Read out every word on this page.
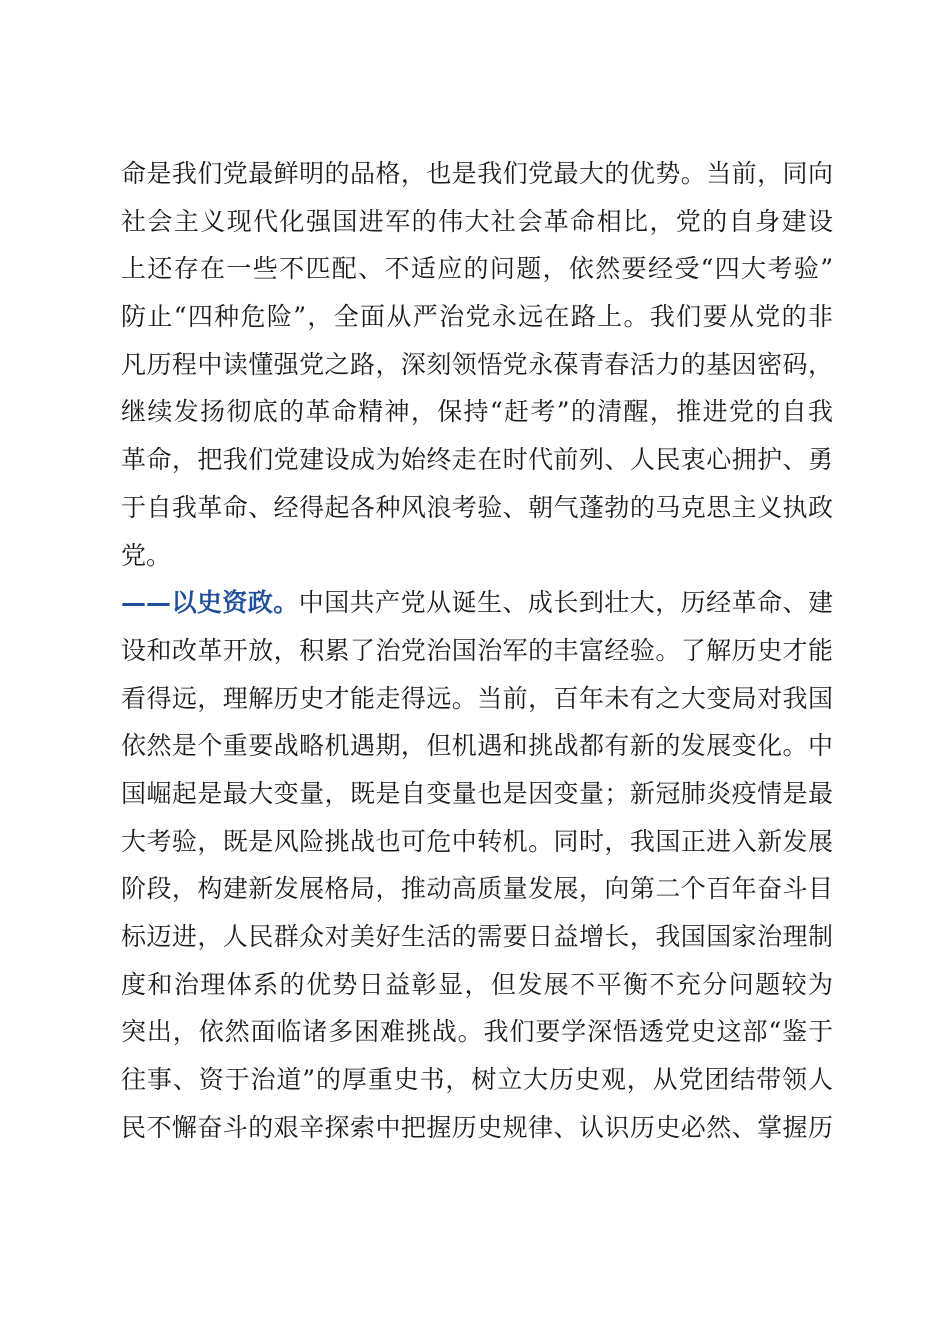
命是我们党最鲜明的品格，也是我们党最大的优势。当前，同向
社会主义现代化强国进军的伟大社会革命相比，党的自身建设
上还存在一些不匹配、不适应的问题，依然要经受“四大考验”
防止“四种危险”，全面从严治党永远在路上。我们要从党的非
凡历程中读懂强党之路，深刻领悟党永葆青春活力的基因密码，
继续发扬彻底的革命精神，保持“赶考”的清醒，推进党的自我
革命，把我们党建设成为始终走在时代前列、人民衷心拥护、勇
于自我革命、经得起各种风浪考验、朝气蓬勃的马克思主义执政
党。
——以史资政。中国共产党从诞生、成长到壮大，历经革命、建
设和改革开放，积累了治党治国治军的丰富经验。了解历史才能
看得远，理解历史才能走得远。当前，百年未有之大变局对我国
依然是个重要战略机遇期，但机遇和挑战都有新的发展变化。中
国崛起是最大变量，既是自变量也是因变量；新冠肺炎疫情是最
大考验，既是风险挑战也可危中转机。同时，我国正进入新发展
阶段，构建新发展格局，推动高质量发展，向第二个百年奋斗目
标迈进，人民群众对美好生活的需要日益增长，我国国家治理制
度和治理体系的优势日益彰显，但发展不平衡不充分问题较为
突出，依然面临诸多困难挑战。我们要学深悟透党史这部“鉴于
往事、资于治道”的厚重史书，树立大历史观，从党团结带领人
民不懈奋斗的艰辛探索中把握历史规律、认识历史必然、掌握历
